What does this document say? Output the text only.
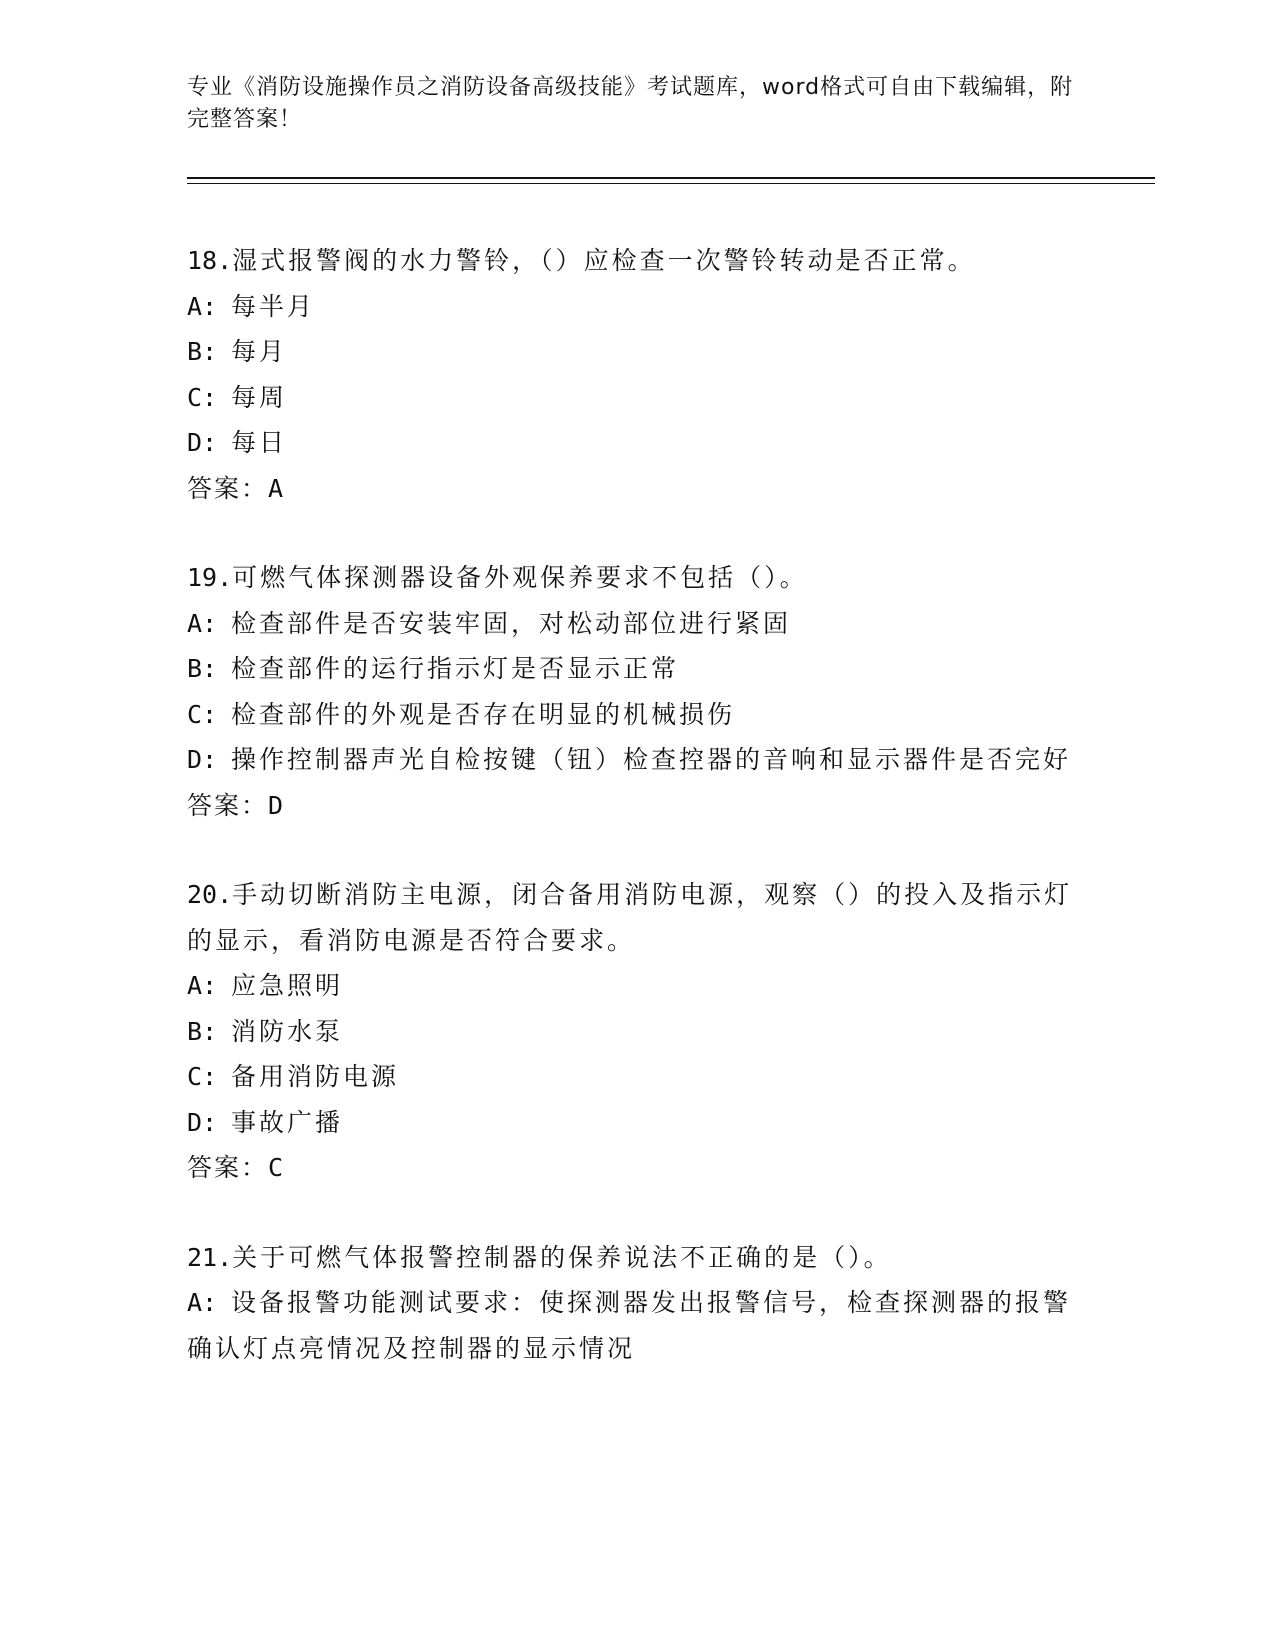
专业《消防设施操作员之消防设备高级技能》考试题库，word格式可自由下载编辑，附完整答案！
18.湿式报警阀的水力警铃，（）应检查一次警铃转动是否正常。
A: 每半月
B: 每月
C: 每周
D: 每日
答案：A
19.可燃气体探测器设备外观保养要求不包括（）。
A: 检查部件是否安装牢固，对松动部位进行紧固
B: 检查部件的运行指示灯是否显示正常
C: 检查部件的外观是否存在明显的机械损伤
D: 操作控制器声光自检按键（钮）检查控器的音响和显示器件是否完好
答案：D
20.手动切断消防主电源，闭合备用消防电源，观察（）的投入及指示灯的显示，看消防电源是否符合要求。
A: 应急照明
B: 消防水泵
C: 备用消防电源
D: 事故广播
答案：C
21.关于可燃气体报警控制器的保养说法不正确的是（）。
A: 设备报警功能测试要求：使探测器发出报警信号，检查探测器的报警确认灯点亮情况及控制器的显示情况
